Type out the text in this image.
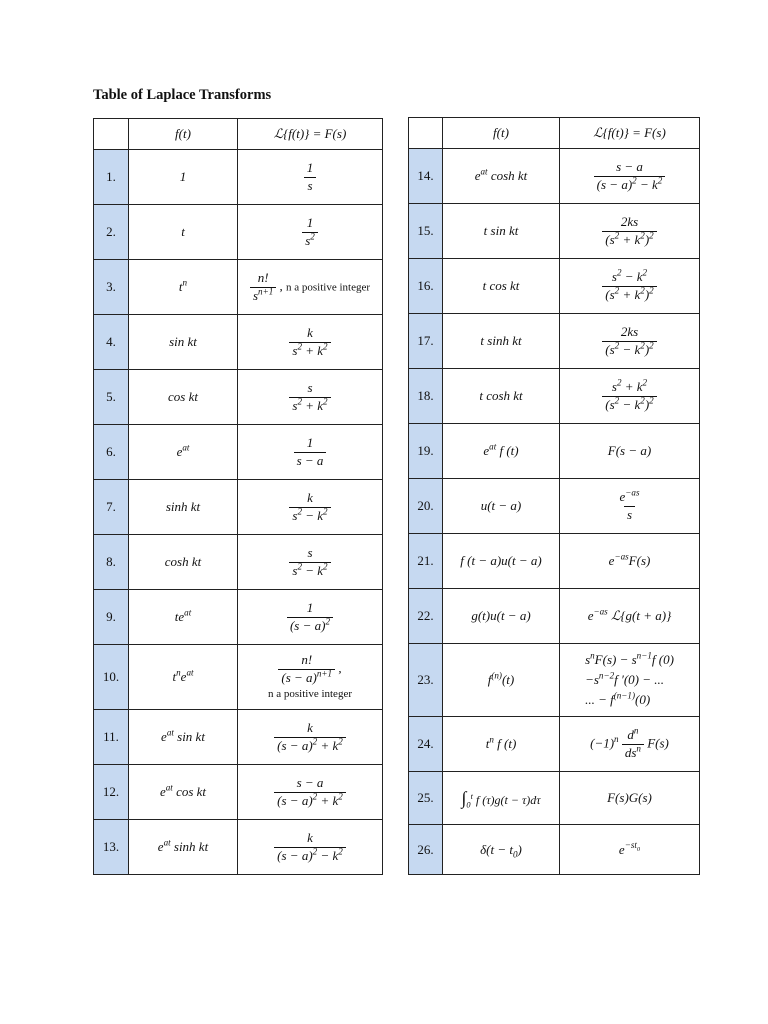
Table of Laplace Transforms
	f(t)	ℒ{f(t)} = F(s)
1.	1	$\frac{1}{s}$

2.	t	$\frac{1}{s^2}$

3.	$t^n$	$\frac{n!}{s^{n+1}}$ , n a positive integer
4.	sin kt	$\frac{k}{s^2 + k^2}$

5.	cos kt	$\frac{s}{s^2 + k^2}$

6.	$e^{at}$	$\frac{1}{s - a}$

7.	sinh kt	$\frac{k}{s^2 - k^2}$

8.	cosh kt	$\frac{s}{s^2 - k^2}$

9.	$te^{at}$	$\frac{1}{(s - a)^2}$

10.	$t^ne^{at}$	$\frac{n!}{(s - a)^{n+1}}$ ,
n a positive integer
11.	$e^{at}$ sin kt	$\frac{k}{(s - a)^2 + k^2}$

12.	$e^{at}$ cos kt	$\frac{s - a}{(s - a)^2 + k^2}$

13.	$e^{at}$ sinh kt	$\frac{k}{(s - a)^2 - k^2}$
	f(t)	ℒ{f(t)} = F(s)
14.	$e^{at}$ cosh kt	$\frac{s - a}{(s - a)^2 - k^2}$

15.	t sin kt	$\frac{2ks}{(s^2 + k^2)^2}$

16.	t cos kt	$\frac{s^2 - k^2}{(s^2 + k^2)^2}$

17.	t sinh kt	$\frac{2ks}{(s^2 - k^2)^2}$

18.	t cosh kt	$\frac{s^2 + k^2}{(s^2 - k^2)^2}$

19.	$e^{at}$ f (t)	F(s − a)
20.	u(t − a)	$\frac{e^{-as}}{s}$

21.	f (t − a)u(t − a)	$e^{-as}F(s)$
22.	g(t)u(t − a)	$e^{-as}$ ℒ{g(t + a)}
23.	$f^{(n)}(t)$	$s^nF(s) - s^{n-1}f$ (0)
$-s^{n-2}f$ ′(0) − ...
... − $f^{(n-1)}(0)$
24.	$t^n$ f (t)	$(-1)^n \frac{d^n}{ds^n} F(s)$
25.	$\int_0^t$ f (τ)g(t − τ)dτ	F(s)G(s)
26.	$\delta(t - t_0)$	$e^{-st_0}$
